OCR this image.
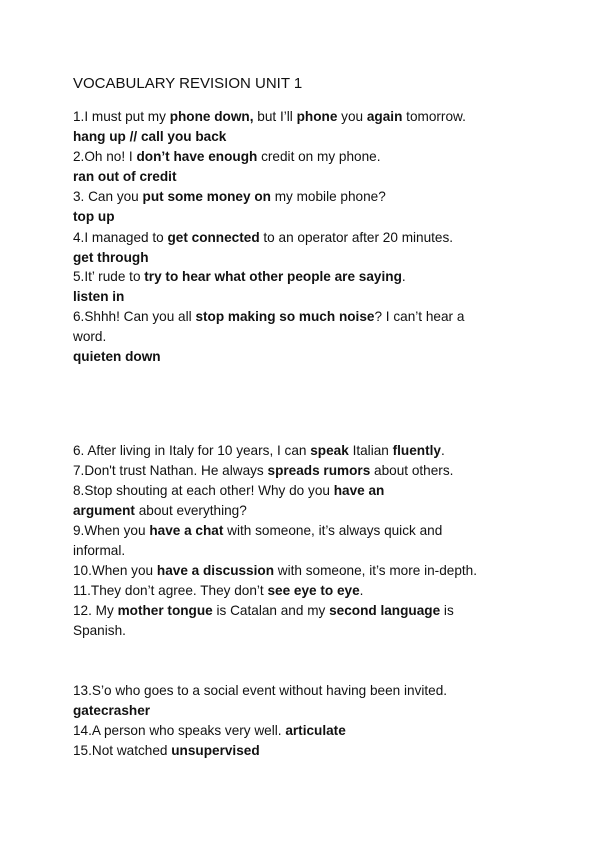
VOCABULARY REVISION UNIT 1
1.I must put my phone down, but I’ll phone you again tomorrow.
hang up // call you back
2.Oh no! I don’t have enough credit on my phone.
ran out of credit
3. Can you put some money on my mobile phone?
top up
4.I managed to get connected to an operator after 20 minutes.
get through
5.It’ rude to try to hear what other people are saying.
listen in
6.Shhh! Can you all stop making so much noise? I can’t hear a
word.
quieten down
6. After living in Italy for 10 years, I can speak Italian fluently.
7.Don't trust Nathan. He always spreads rumors about others.
8.Stop shouting at each other! Why do you have an
argument about everything?
9.When you have a chat with someone, it’s always quick and
informal.
10.When you have a discussion with someone, it’s more in-depth.
11.They don’t agree. They don’t see eye to eye.
12. My mother tongue is Catalan and my second language is
Spanish.
13.S’o who goes to a social event without having been invited.
gatecrasher
14.A person who speaks very well. articulate
15.Not watched unsupervised
